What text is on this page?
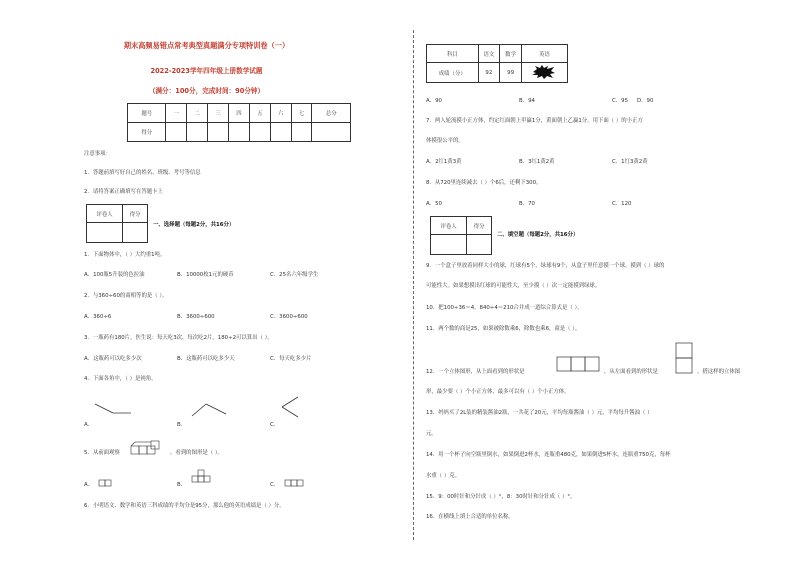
期末高频易错点常考典型真题满分专项特训卷（一）
2022-2023学年四年级上册数学试题
（满分：100分，完成时间：90分钟）
题号	一	二	三	四	五	六	七	总分
得分								
注意事项：
1．答题前填写好自己的姓名、班级、考号等信息
2．请将答案正确填写在答题卡上
评卷人	得分

一、选择题（每题2分，共16分）
1．下面物体中，（ ）大约重1吨。
A．100瓶5升装的色拉油	B．10000枚1元的硬币	C．25名六年级学生
2．与360÷60的商相等的是（ ）。
A．360÷6	B．3600÷600	C．3600÷600
3．一瓶药有180片，医生说：每天吃3次，每次吃2片。180÷2可以算出（ ）。
A．这瓶药可以吃多少次	B．这瓶药可以吃多少天	C．每天吃多少片
4．下面各角中，（ ）是钝角。
A．	B．	C．
5．从前面观察	，看到的图形是（ ）。
A．	B．	C．
6．小明语文、数学和英语三科成绩的平均分是95分，那么他的英语成绩是（ ）分。
科目	语文	数学	英语
成绩（分）	92	99	
A．90	B．94	C．95 D．90
7．两人轮流摸小正方体，约定红面朝上甲赢1分，黄面朝上乙赢1分。用下面（ ）的小正方
体摸很公平的。
A．2红1黄3黄	B．3红1黄2黄	C．1红3黄2黄
8．从720里连续减去（ ）个6后，还剩下300。
A．50	B．70	C．120
评卷人	得分

二、填空题（每题2分，共16分）
9．一个盒子里放着同样大小的球，红球有5个，绿球有9个，从盒子里任意摸一个球，摸到（ ）球的
可能性大。如果想摸出红球的可能性大，至少摸（ ）次一定能摸到绿球。
10．把100÷36＝4，840÷4＝210合并成一道综合算式是（ ）。
11．两个数的商是25，如果被除数乘6，除数也乘6，商是（ ）。
12．一个立体图形，从上面看到的形状是	，从左面看到的形状是	。搭这样的立体图
形，最少要（ ）个小正方体，最多可以有（ ）个小正方体。
13．妈妈买了2L装的精装酱油2瓶，一共花了20元，平均每瓶酱油（ ）元，平均每升酱油（ ）
元。
14．用一个杯子向空瓶里倒水，如果倒进2杯水，连瓶重480克，如果倒进5杯水，连瓶重750克，每杯
水重（ ）克。
15．9：00时针和分针成（ ）°，8：30时针和分针成（ ）°。
16．在横线上填上合适的单位名称。
